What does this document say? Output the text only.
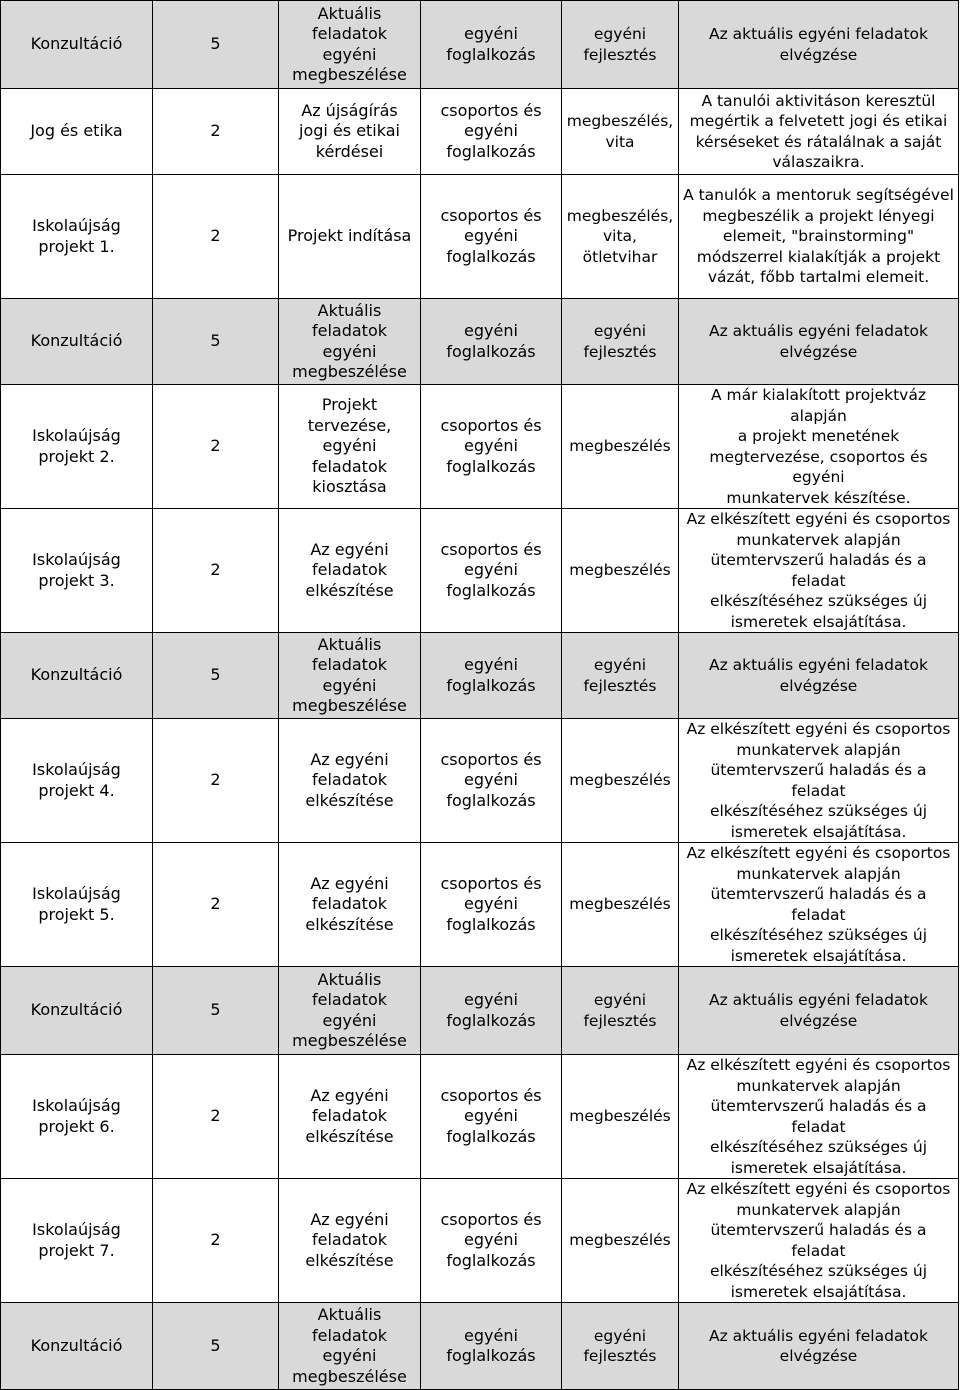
Konzultáció	5	Aktuális
feladatok
egyéni
megbeszélése	egyéni
foglalkozás	egyéni
fejlesztés	Az aktuális egyéni feladatok
elvégzése
Jog és etika	2	Az újságírás
jogi és etikai
kérdései	csoportos és
egyéni
foglalkozás	megbeszélés,
vita	A tanulói aktivitáson keresztül
megértik a felvetett jogi és etikai
kérséseket és rátalálnak a saját
válaszaikra.
Iskolaújság projekt 1.	2	Projekt indítása	csoportos és
egyéni
foglalkozás	megbeszélés,
vita, ötletvihar	A tanulók a mentoruk segítségével
megbeszélik a projekt lényegi
elemeit, "brainstorming"
módszerrel kialakítják a projekt
vázát, főbb tartalmi elemeit.
Konzultáció	5	Aktuális
feladatok
egyéni
megbeszélése	egyéni
foglalkozás	egyéni
fejlesztés	Az aktuális egyéni feladatok
elvégzése
Iskolaújság projekt 2.	2	Projekt
tervezése,
egyéni
feladatok
kiosztása	csoportos és
egyéni
foglalkozás	megbeszélés	A már kialakított projektváz alapján
a projekt menetének
megtervezése, csoportos és egyéni
munkatervek készítése.
Iskolaújság projekt 3.	2	Az egyéni
feladatok
elkészítése	csoportos és
egyéni
foglalkozás	megbeszélés	Az elkészített egyéni és csoportos
munkatervek alapján
ütemtervszerű haladás és a feladat
elkészítéséhez szükséges új
ismeretek elsajátítása.
Konzultáció	5	Aktuális
feladatok
egyéni
megbeszélése	egyéni
foglalkozás	egyéni
fejlesztés	Az aktuális egyéni feladatok
elvégzése
Iskolaújság projekt 4.	2	Az egyéni
feladatok
elkészítése	csoportos és
egyéni
foglalkozás	megbeszélés	Az elkészített egyéni és csoportos
munkatervek alapján
ütemtervszerű haladás és a feladat
elkészítéséhez szükséges új
ismeretek elsajátítása.
Iskolaújság projekt 5.	2	Az egyéni
feladatok
elkészítése	csoportos és
egyéni
foglalkozás	megbeszélés	Az elkészített egyéni és csoportos
munkatervek alapján
ütemtervszerű haladás és a feladat
elkészítéséhez szükséges új
ismeretek elsajátítása.
Konzultáció	5	Aktuális
feladatok
egyéni
megbeszélése	egyéni
foglalkozás	egyéni
fejlesztés	Az aktuális egyéni feladatok
elvégzése
Iskolaújság projekt 6.	2	Az egyéni
feladatok
elkészítése	csoportos és
egyéni
foglalkozás	megbeszélés	Az elkészített egyéni és csoportos
munkatervek alapján
ütemtervszerű haladás és a feladat
elkészítéséhez szükséges új
ismeretek elsajátítása.
Iskolaújság projekt 7.	2	Az egyéni
feladatok
elkészítése	csoportos és
egyéni
foglalkozás	megbeszélés	Az elkészített egyéni és csoportos
munkatervek alapján
ütemtervszerű haladás és a feladat
elkészítéséhez szükséges új
ismeretek elsajátítása.
Konzultáció	5	Aktuális
feladatok
egyéni
megbeszélése	egyéni
foglalkozás	egyéni
fejlesztés	Az aktuális egyéni feladatok
elvégzése
